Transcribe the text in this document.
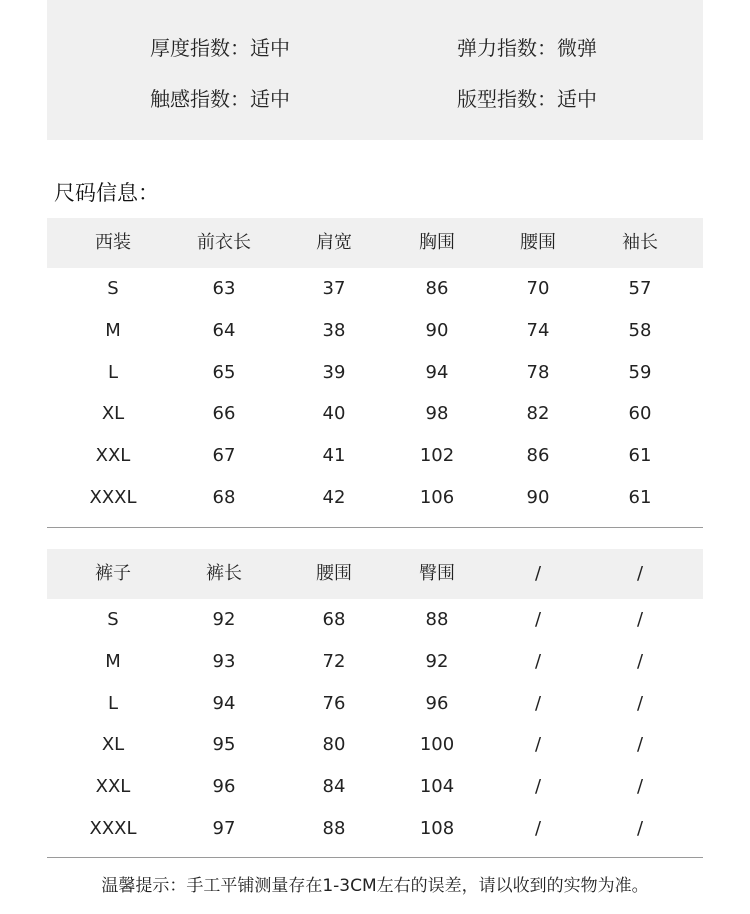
厚度指数：适中	弹力指数：微弹
触感指数：适中	版型指数：适中
尺码信息：
西装	前衣长	肩宽	胸围	腰围	袖长
S	63	37	86	70	57
M	64	38	90	74	58
L	65	39	94	78	59
XL	66	40	98	82	60
XXL	67	41	102	86	61
XXXL	68	42	106	90	61
裤子	裤长	腰围	臀围	/	/
S	92	68	88	/	/
M	93	72	92	/	/
L	94	76	96	/	/
XL	95	80	100	/	/
XXL	96	84	104	/	/
XXXL	97	88	108	/	/
温馨提示：手工平铺测量存在1-3CM左右的误差，请以收到的实物为准。
